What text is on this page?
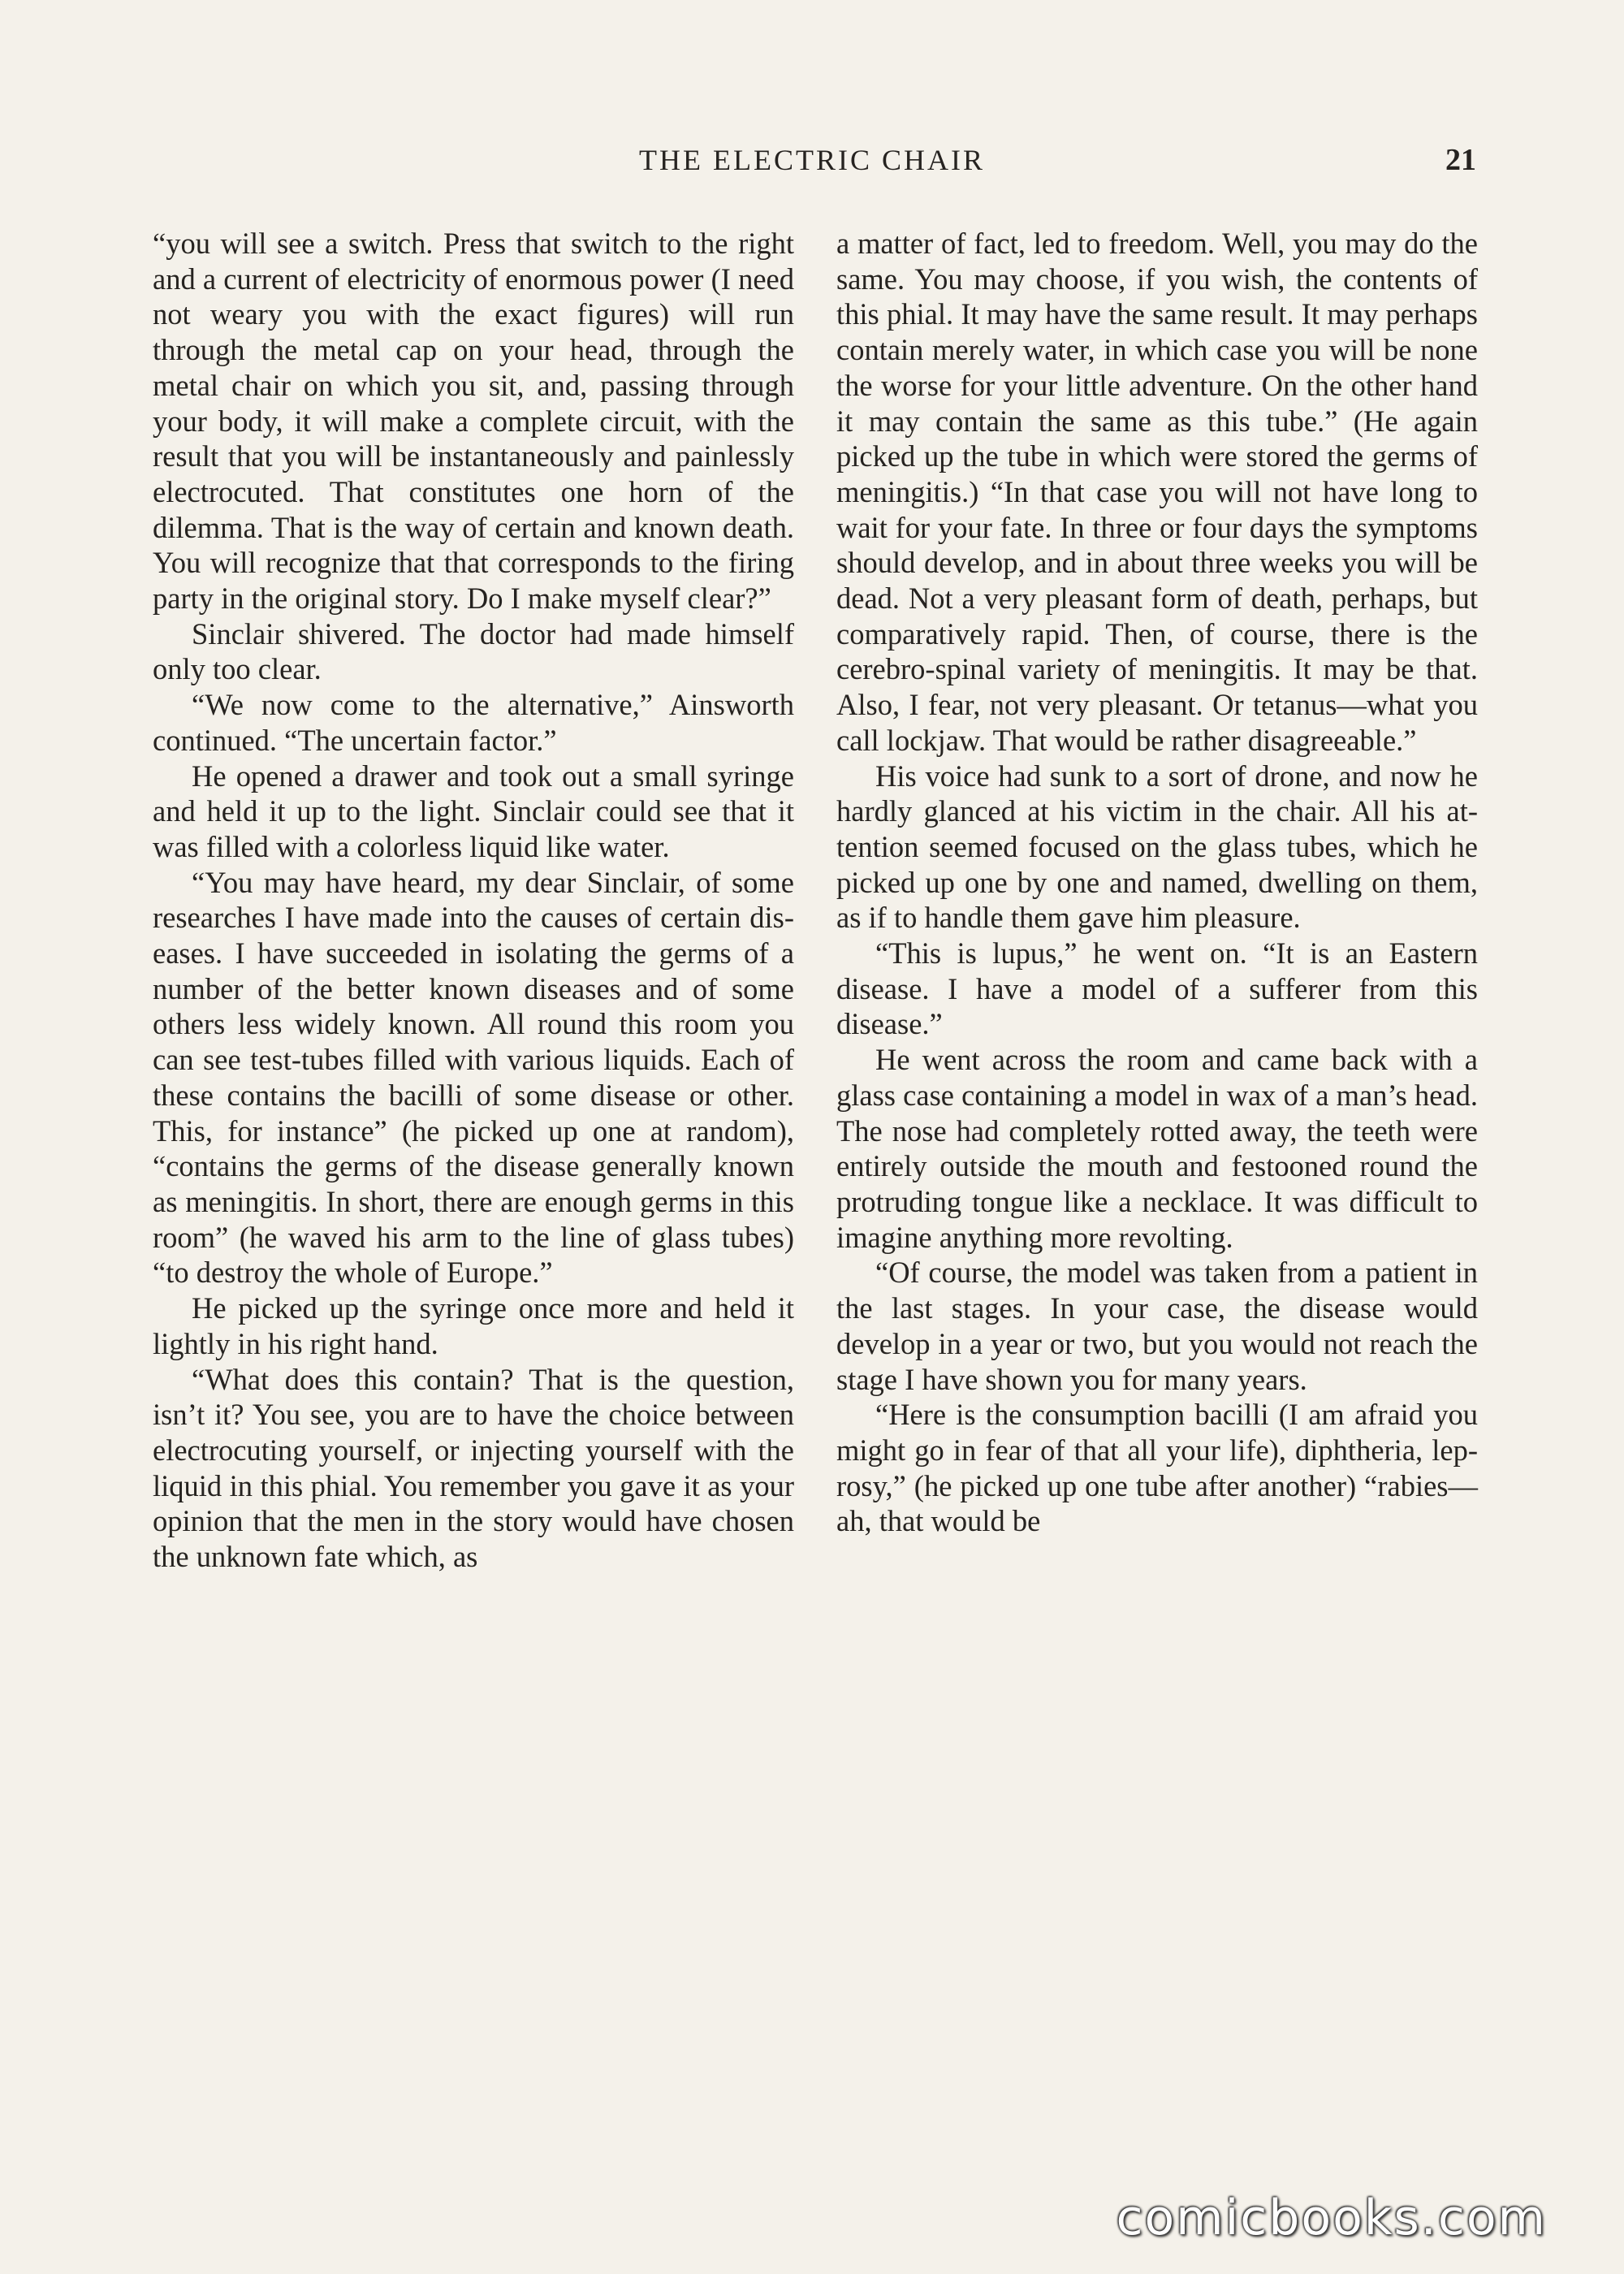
THE ELECTRIC CHAIR	21

“you will see a switch. Press that switch to the right and a current of electricity of enormous power (I need not weary you with the exact figures) will run through the metal cap on your head, through the metal chair on which you sit, and, passing through your body, it will make a complete circuit, with the result that you will be instantaneously and painlessly electrocuted. That constitutes one horn of the dilemma. That is the way of certain and known death. You will recognize that that corresponds to the firing party in the original story. Do I make myself clear?”

Sinclair shivered. The doctor had made himself only too clear.

“We now come to the alternative,” Ainsworth continued. “The uncertain factor.”

He opened a drawer and took out a small syringe and held it up to the light. Sinclair could see that it was filled with a colorless liquid like water.

“You may have heard, my dear Sinclair, of some researches I have made into the causes of certain diseases. I have succeeded in isolating the germs of a number of the better known diseases and of some others less widely known. All round this room you can see test-tubes filled with various liquids. Each of these contains the bacilli of some disease or other. This, for instance” (he picked up one at random), “contains the germs of the disease generally known as meningitis. In short, there are enough germs in this room” (he waved his arm to the line of glass tubes) “to destroy the whole of Europe.”

He picked up the syringe once more and held it lightly in his right hand.

“What does this contain? That is the question, isn’t it? You see, you are to have the choice between electrocuting yourself, or injecting yourself with the liquid in this phial. You remember you gave it as your opinion that the men in the story would have chosen the unknown fate which, as

a matter of fact, led to freedom. Well, you may do the same. You may choose, if you wish, the contents of this phial. It may have the same result. It may perhaps contain merely water, in which case you will be none the worse for your little adventure. On the other hand it may contain the same as this tube.” (He again picked up the tube in which were stored the germs of meningitis.) “In that case you will not have long to wait for your fate. In three or four days the symptoms should develop, and in about three weeks you will be dead. Not a very pleasant form of death, perhaps, but comparatively rapid. Then, of course, there is the cerebro-spinal variety of meningitis. It may be that. Also, I fear, not very pleasant. Or tetanus—what you call lockjaw. That would be rather disagreeable.”

His voice had sunk to a sort of drone, and now he hardly glanced at his victim in the chair. All his attention seemed focused on the glass tubes, which he picked up one by one and named, dwelling on them, as if to handle them gave him pleasure.

“This is lupus,” he went on. “It is an Eastern disease. I have a model of a sufferer from this disease.”

He went across the room and came back with a glass case containing a model in wax of a man’s head. The nose had completely rotted away, the teeth were entirely outside the mouth and festooned round the protruding tongue like a necklace. It was difficult to imagine anything more revolting.

“Of course, the model was taken from a patient in the last stages. In your case, the disease would develop in a year or two, but you would not reach the stage I have shown you for many years.

“Here is the consumption bacilli (I am afraid you might go in fear of that all your life), diphtheria, leprosy,” (he picked up one tube after another) “rabies—ah, that would be

comicbooks.com
